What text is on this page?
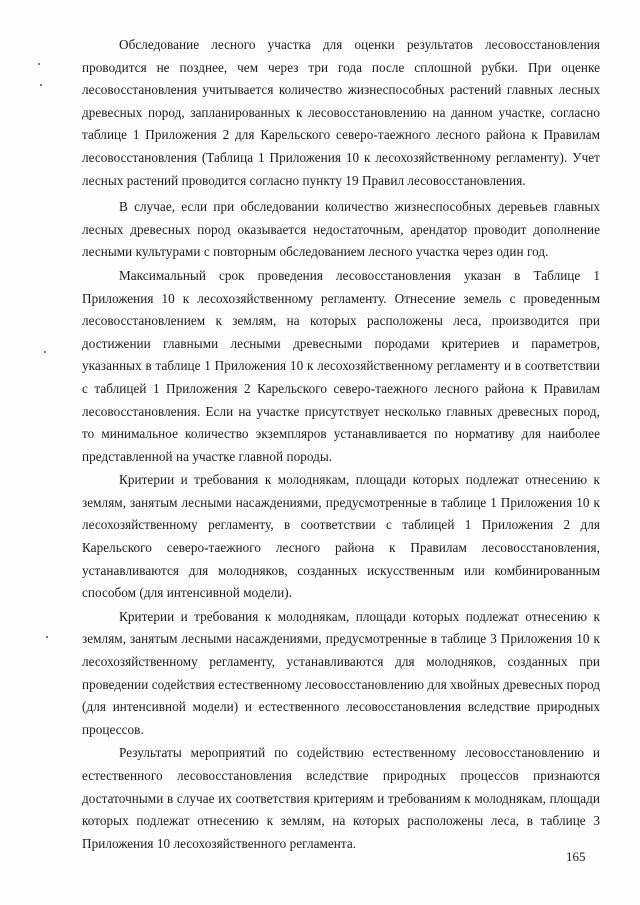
Обследование лесного участка для оценки результатов лесовосстановления проводится не позднее, чем через три года после сплошной рубки. При оценке лесовосстановления учитывается количество жизнеспособных растений главных лесных древесных пород, запланированных к лесовосстановлению на данном участке, согласно таблице 1 Приложения 2 для Карельского северо-таежного лесного района к Правилам лесовосстановления (Таблица 1 Приложения 10 к лесохозяйственному регламенту). Учет лесных растений проводится согласно пункту 19 Правил лесовосстановления.

В случае, если при обследовании количество жизнеспособных деревьев главных лесных древесных пород оказывается недостаточным, арендатор проводит дополнение лесными культурами с повторным обследованием лесного участка через один год.

Максимальный срок проведения лесовосстановления указан в Таблице 1 Приложения 10 к лесохозяйственному регламенту. Отнесение земель с проведенным лесовосстановлением к землям, на которых расположены леса, производится при достижении главными лесными древесными породами критериев и параметров, указанных в таблице 1 Приложения 10 к лесохозяйственному регламенту и в соответствии с таблицей 1 Приложения 2 Карельского северо-таежного лесного района к Правилам лесовосстановления. Если на участке присутствует несколько главных древесных пород, то минимальное количество экземпляров устанавливается по нормативу для наиболее представленной на участке главной породы.

Критерии и требования к молоднякам, площади которых подлежат отнесению к землям, занятым лесными насаждениями, предусмотренные в таблице 1 Приложения 10 к лесохозяйственному регламенту, в соответствии с таблицей 1 Приложения 2 для Карельского северо-таежного лесного района к Правилам лесовосстановления, устанавливаются для молодняков, созданных искусственным или комбинированным способом (для интенсивной модели).

Критерии и требования к молоднякам, площади которых подлежат отнесению к землям, занятым лесными насаждениями, предусмотренные в таблице 3 Приложения 10 к лесохозяйственному регламенту, устанавливаются для молодняков, созданных при проведении содействия естественному лесовосстановлению для хвойных древесных пород (для интенсивной модели) и естественного лесовосстановления вследствие природных процессов.

Результаты мероприятий по содействию естественному лесовосстановлению и естественного лесовосстановления вследствие природных процессов признаются достаточными в случае их соответствия критериям и требованиям к молоднякам, площади которых подлежат отнесению к землям, на которых расположены леса, в таблице 3 Приложения 10 лесохозяйственного регламента.

165
